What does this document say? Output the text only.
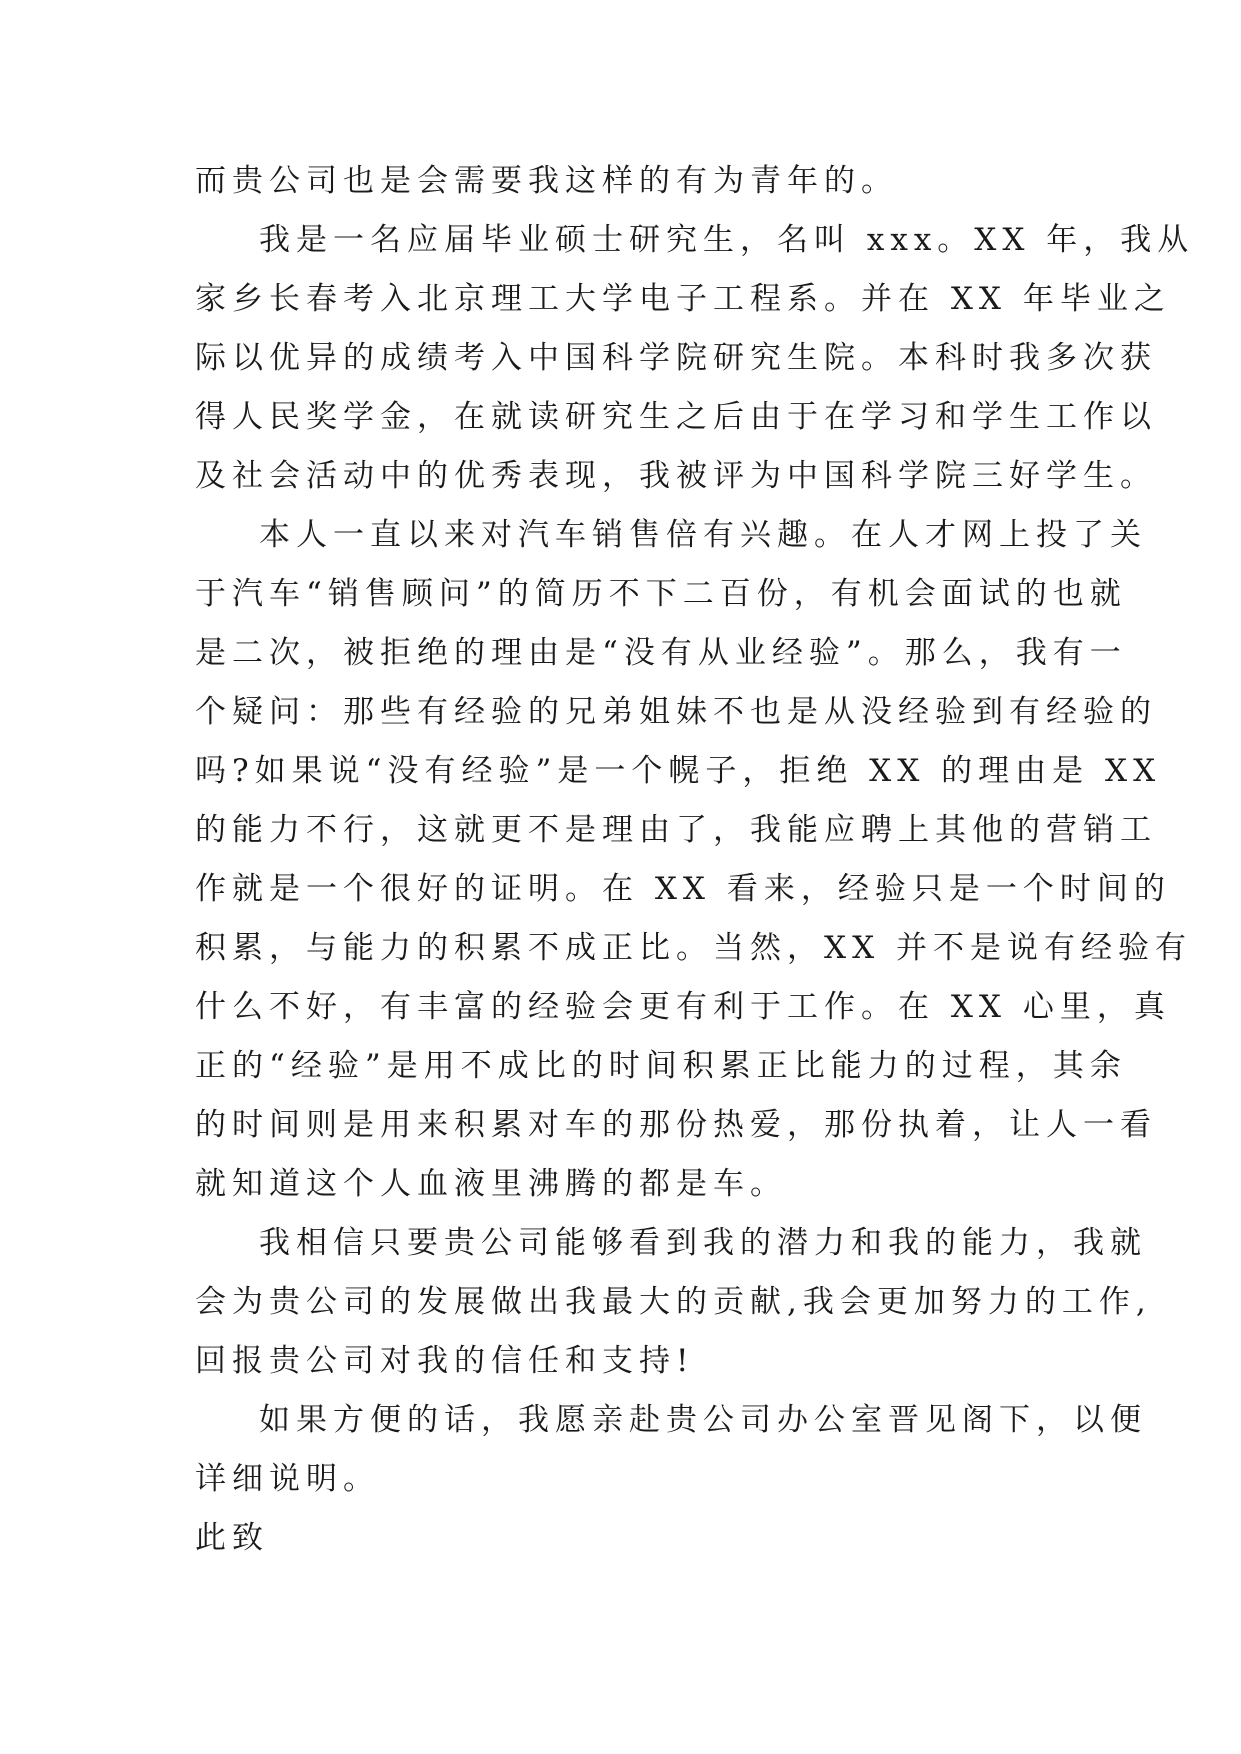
而贵公司也是会需要我这样的有为青年的。
我是一名应届毕业硕士研究生，名叫 xxx。XX 年，我从
家乡长春考入北京理工大学电子工程系。并在 XX 年毕业之
际以优异的成绩考入中国科学院研究生院。本科时我多次获
得人民奖学金，在就读研究生之后由于在学习和学生工作以
及社会活动中的优秀表现，我被评为中国科学院三好学生。
本人一直以来对汽车销售倍有兴趣。在人才网上投了关
于汽车“销售顾问”的简历不下二百份，有机会面试的也就
是二次，被拒绝的理由是“没有从业经验”。那么，我有一
个疑问：那些有经验的兄弟姐妹不也是从没经验到有经验的
吗?如果说“没有经验”是一个幌子，拒绝 XX 的理由是 XX
的能力不行，这就更不是理由了，我能应聘上其他的营销工
作就是一个很好的证明。在 XX 看来，经验只是一个时间的
积累，与能力的积累不成正比。当然，XX 并不是说有经验有
什么不好，有丰富的经验会更有利于工作。在 XX 心里，真
正的“经验”是用不成比的时间积累正比能力的过程，其余
的时间则是用来积累对车的那份热爱，那份执着，让人一看
就知道这个人血液里沸腾的都是车。
我相信只要贵公司能够看到我的潜力和我的能力，我就
会为贵公司的发展做出我最大的贡献,我会更加努力的工作,
回报贵公司对我的信任和支持!
如果方便的话，我愿亲赴贵公司办公室晋见阁下，以便
详细说明。
此致
